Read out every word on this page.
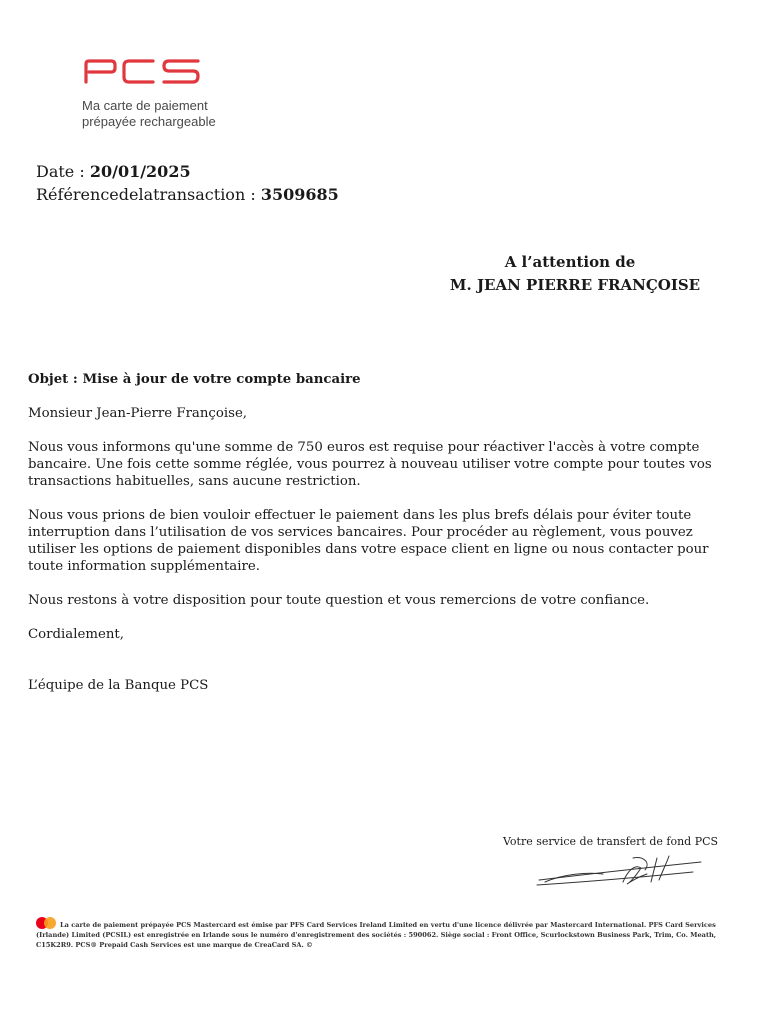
Ma carte de paiement
prépayée rechargeable
Date : 20/01/2025
Référencedelatransaction : 3509685
A l’attention de
M. JEAN PIERRE FRANÇOISE

Objet : Mise à jour de votre compte bancaire

Monsieur Jean-Pierre Françoise,

Nous vous informons qu'une somme de 750 euros est requise pour réactiver l'accès à votre compte bancaire. Une fois cette somme réglée, vous pourrez à nouveau utiliser votre compte pour toutes vos transactions habituelles, sans aucune restriction.

Nous vous prions de bien vouloir effectuer le paiement dans les plus brefs délais pour éviter toute interruption dans l’utilisation de vos services bancaires. Pour procéder au règlement, vous pouvez utiliser les options de paiement disponibles dans votre espace client en ligne ou nous contacter pour toute information supplémentaire.

Nous restons à votre disposition pour toute question et vous remercions de votre confiance.

Cordialement,

L’équipe de la Banque PCS

Votre service de transfert de fond PCS
La carte de paiement prépayée PCS Mastercard est émise par PFS Card Services Ireland Limited en vertu d'une licence délivrée par Mastercard International. PFS Card Services (Irlande) Limited (PCSIL) est enregistrée en Irlande sous le numéro d'enregistrement des sociétés : 590062. Siège social : Front Office, Scurlockstown Business Park, Trim, Co. Meath, C15K2R9. PCS® Prepaid Cash Services est une marque de CreaCard SA. ©
